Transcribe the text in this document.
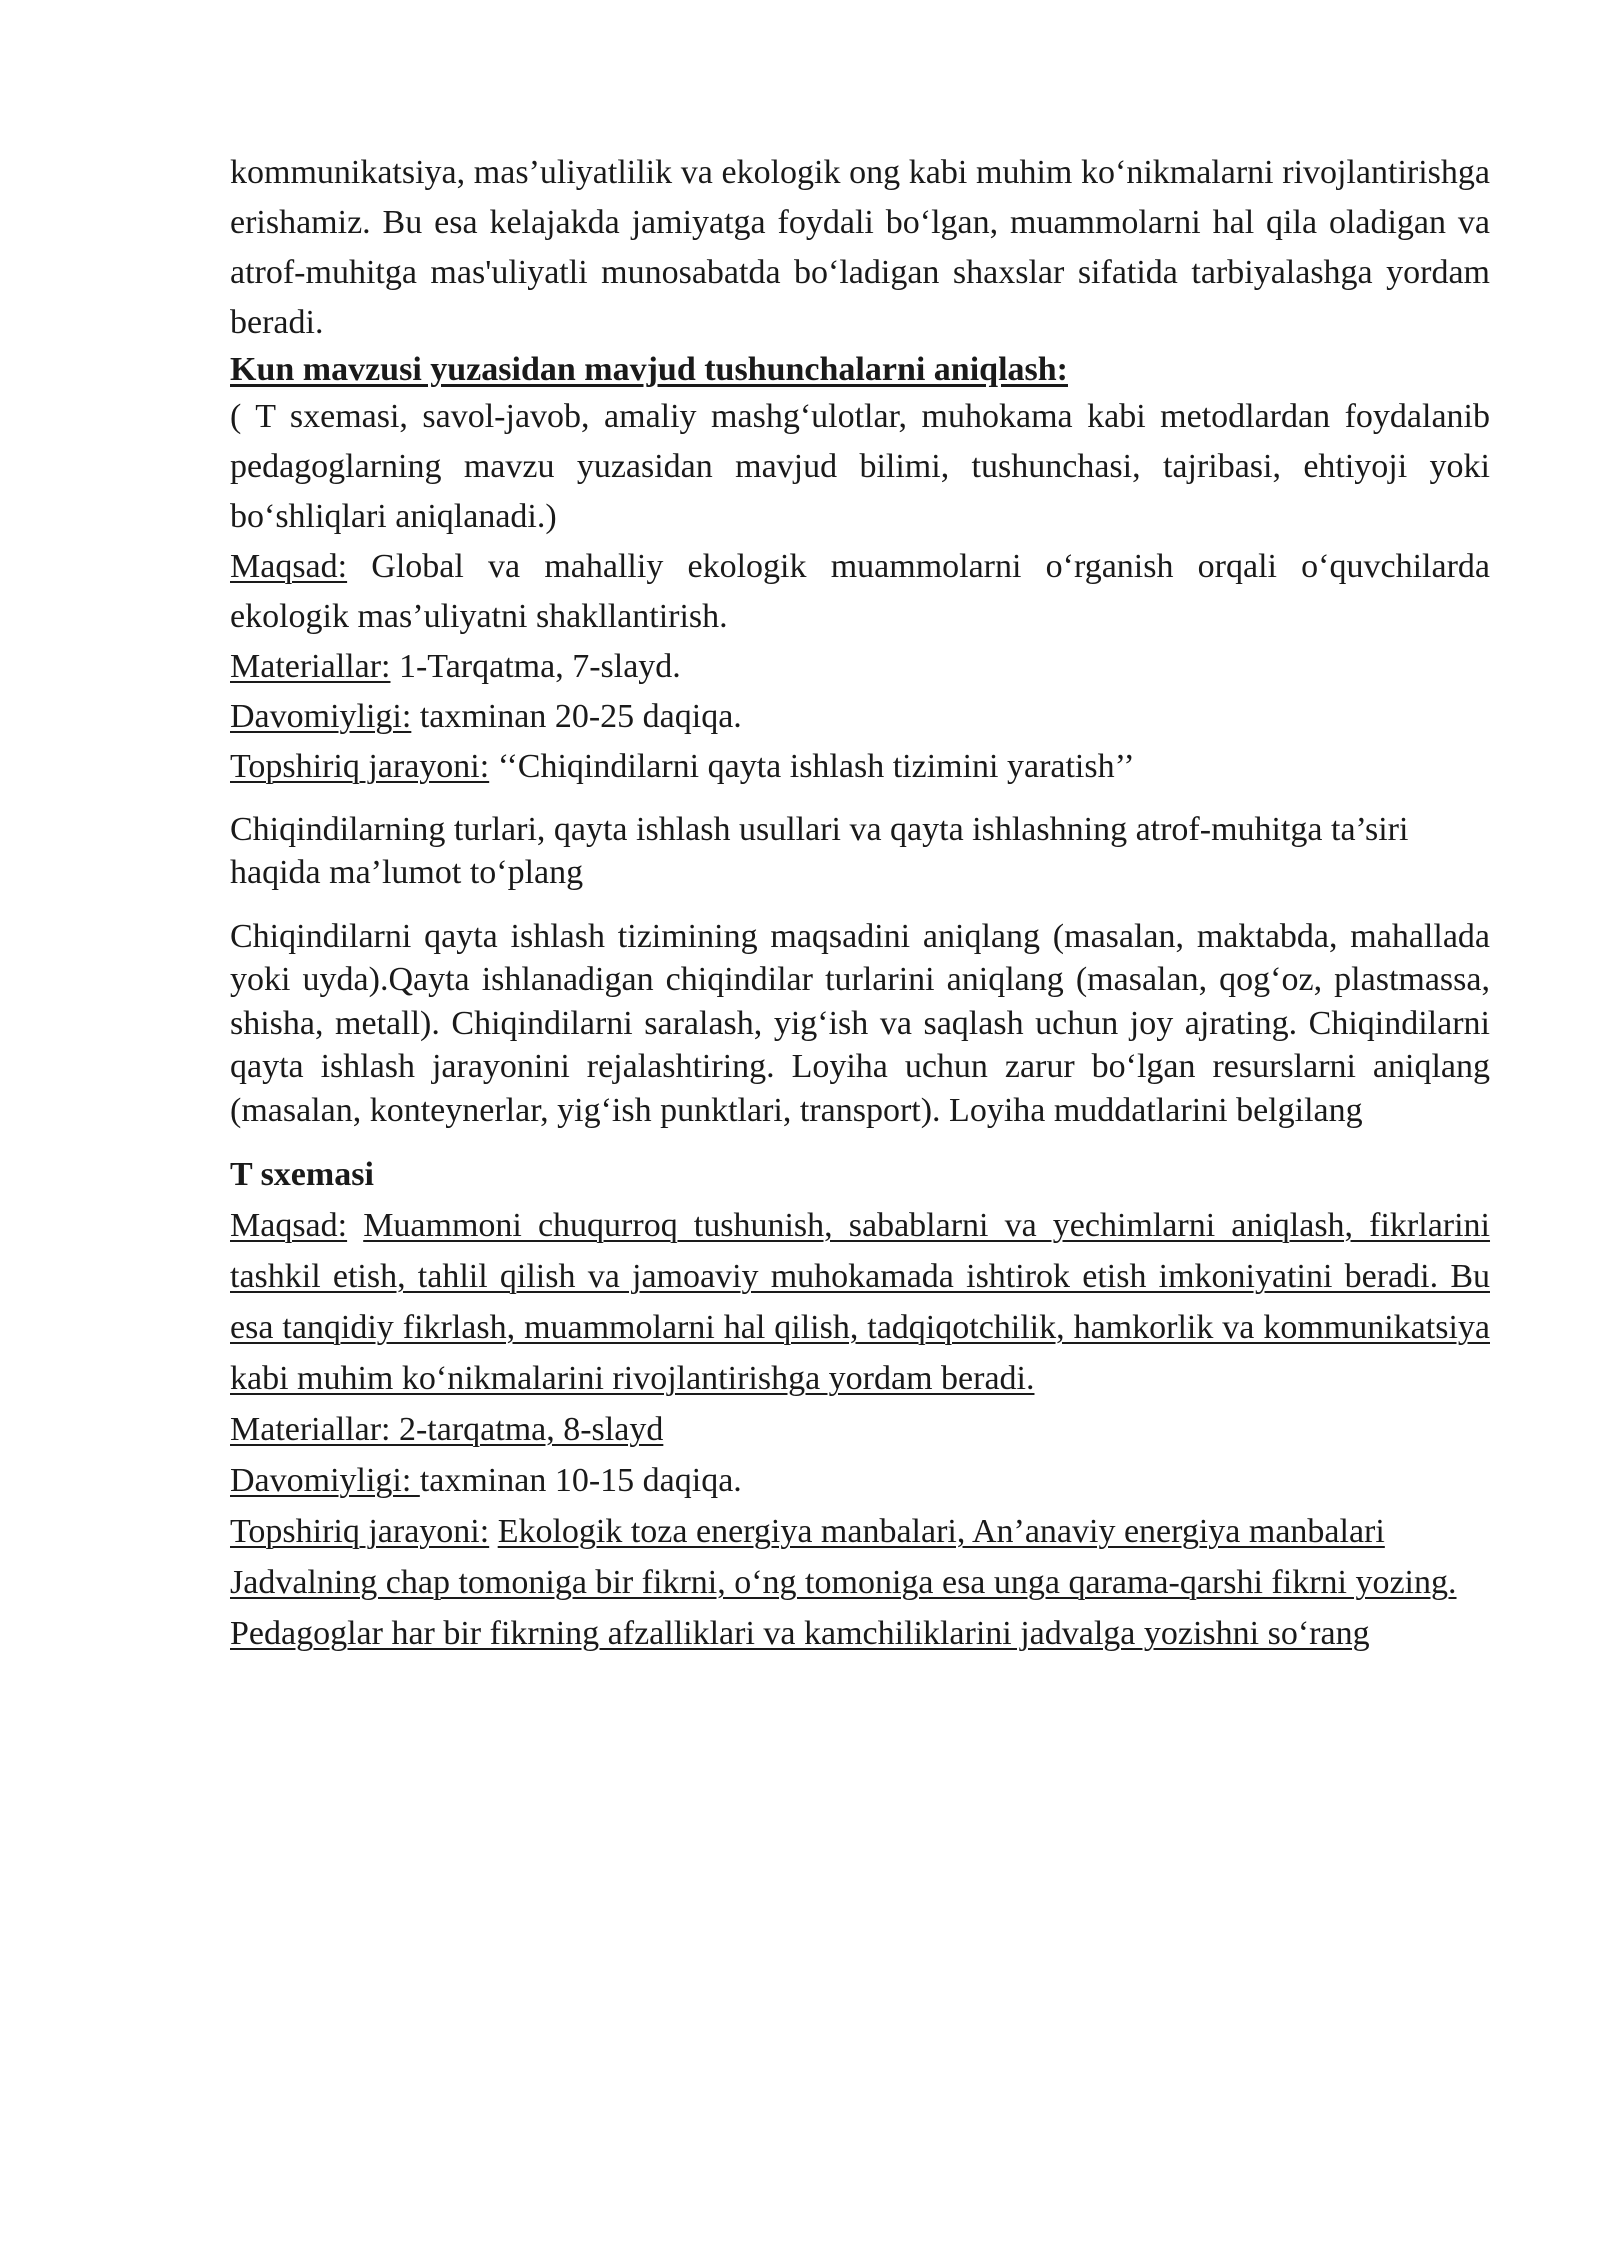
kommunikatsiya, mas’uliyatlilik va ekologik ong kabi muhim ko‘nikmalarni rivojlantirishga erishamiz. Bu esa kelajakda jamiyatga foydali bo‘lgan, muammolarni hal qila oladigan va atrof-muhitga mas'uliyatli munosabatda bo‘ladigan shaxslar sifatida tarbiyalashga yordam beradi.

Kun mavzusi yuzasidan mavjud tushunchalarni aniqlash:

( T sxemasi, savol-javob, amaliy mashg‘ulotlar, muhokama kabi metodlardan foydalanib pedagoglarning mavzu yuzasidan mavjud bilimi, tushunchasi, tajribasi, ehtiyoji yoki bo‘shliqlari aniqlanadi.)

Maqsad: Global va mahalliy ekologik muammolarni o‘rganish orqali o‘quvchilarda ekologik mas’uliyatni shakllantirish.

Materiallar: 1-Tarqatma, 7-slayd.

Davomiyligi: taxminan 20-25 daqiqa.

Topshiriq jarayoni: ‘‘Chiqindilarni qayta ishlash tizimini yaratish’’

Chiqindilarning turlari, qayta ishlash usullari va qayta ishlashning atrof-muhitga ta’siri haqida ma’lumot to‘plang

Chiqindilarni qayta ishlash tizimining maqsadini aniqlang (masalan, maktabda, mahallada yoki uyda).Qayta ishlanadigan chiqindilar turlarini aniqlang (masalan, qog‘oz, plastmassa, shisha, metall). Chiqindilarni saralash, yig‘ish va saqlash uchun joy ajrating. Chiqindilarni qayta ishlash jarayonini rejalashtiring. Loyiha uchun zarur bo‘lgan resurslarni aniqlang (masalan, konteynerlar, yig‘ish punktlari, transport). Loyiha muddatlarini belgilang

T sxemasi

Maqsad: Muammoni chuqurroq tushunish, sabablarni va yechimlarni aniqlash, fikrlarini tashkil etish, tahlil qilish va jamoaviy muhokamada ishtirok etish imkoniyatini beradi. Bu esa tanqidiy fikrlash, muammolarni hal qilish, tadqiqotchilik, hamkorlik va kommunikatsiya kabi muhim ko‘nikmalarini rivojlantirishga yordam beradi.

Materiallar: 2-tarqatma, 8-slayd

Davomiyligi: taxminan 10-15 daqiqa.

Topshiriq jarayoni: Ekologik toza energiya manbalari, An’anaviy energiya manbalari

Jadvalning chap tomoniga bir fikrni, o‘ng tomoniga esa unga qarama-qarshi fikrni yozing.

Pedagoglar har bir fikrning afzalliklari va kamchiliklarini jadvalga yozishni so‘rang
